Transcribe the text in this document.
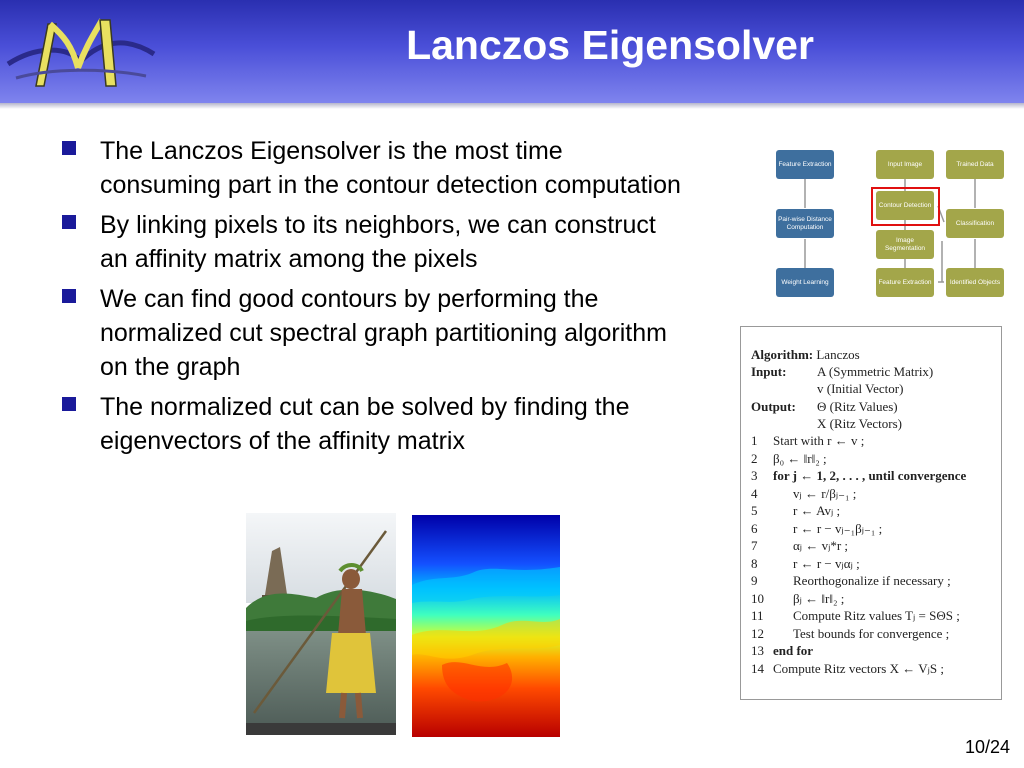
Lanczos Eigensolver
The Lanczos Eigensolver is the most time consuming part in the contour detection computation
By linking pixels to its neighbors, we can construct an affinity matrix among the pixels
We can find good contours by performing the normalized cut spectral graph partitioning algorithm on the graph
The normalized cut can be solved by finding the eigenvectors of the affinity matrix
Feature Extraction
Pair-wise Distance Computation
Weight Learning
Input Image	Trained Data
Contour Detection
Classification
Image Segmentation
Feature Extraction	Identified Objects
Algorithm: Lanczos
Input: A (Symmetric Matrix)
v (Initial Vector)
Output: Θ (Ritz Values)
X (Ritz Vectors)
1 Start with r ← v ;
2 β₀ ← ‖r‖₂ ;
3 for j ← 1, 2, . . . , until convergence
4	vⱼ ← r/βⱼ₋₁ ;
5	r ← Avⱼ ;
6	r ← r − vⱼ₋₁βⱼ₋₁ ;
7	αⱼ ← vⱼ*r ;
8	r ← r − vⱼαⱼ ;
9	Reorthogonalize if necessary ;
10 βⱼ ← ‖r‖₂ ;
11 Compute Ritz values Tⱼ = SΘS ;
12 Test bounds for convergence ;
13 end for
14 Compute Ritz vectors X ← VⱼS ;
10/24
